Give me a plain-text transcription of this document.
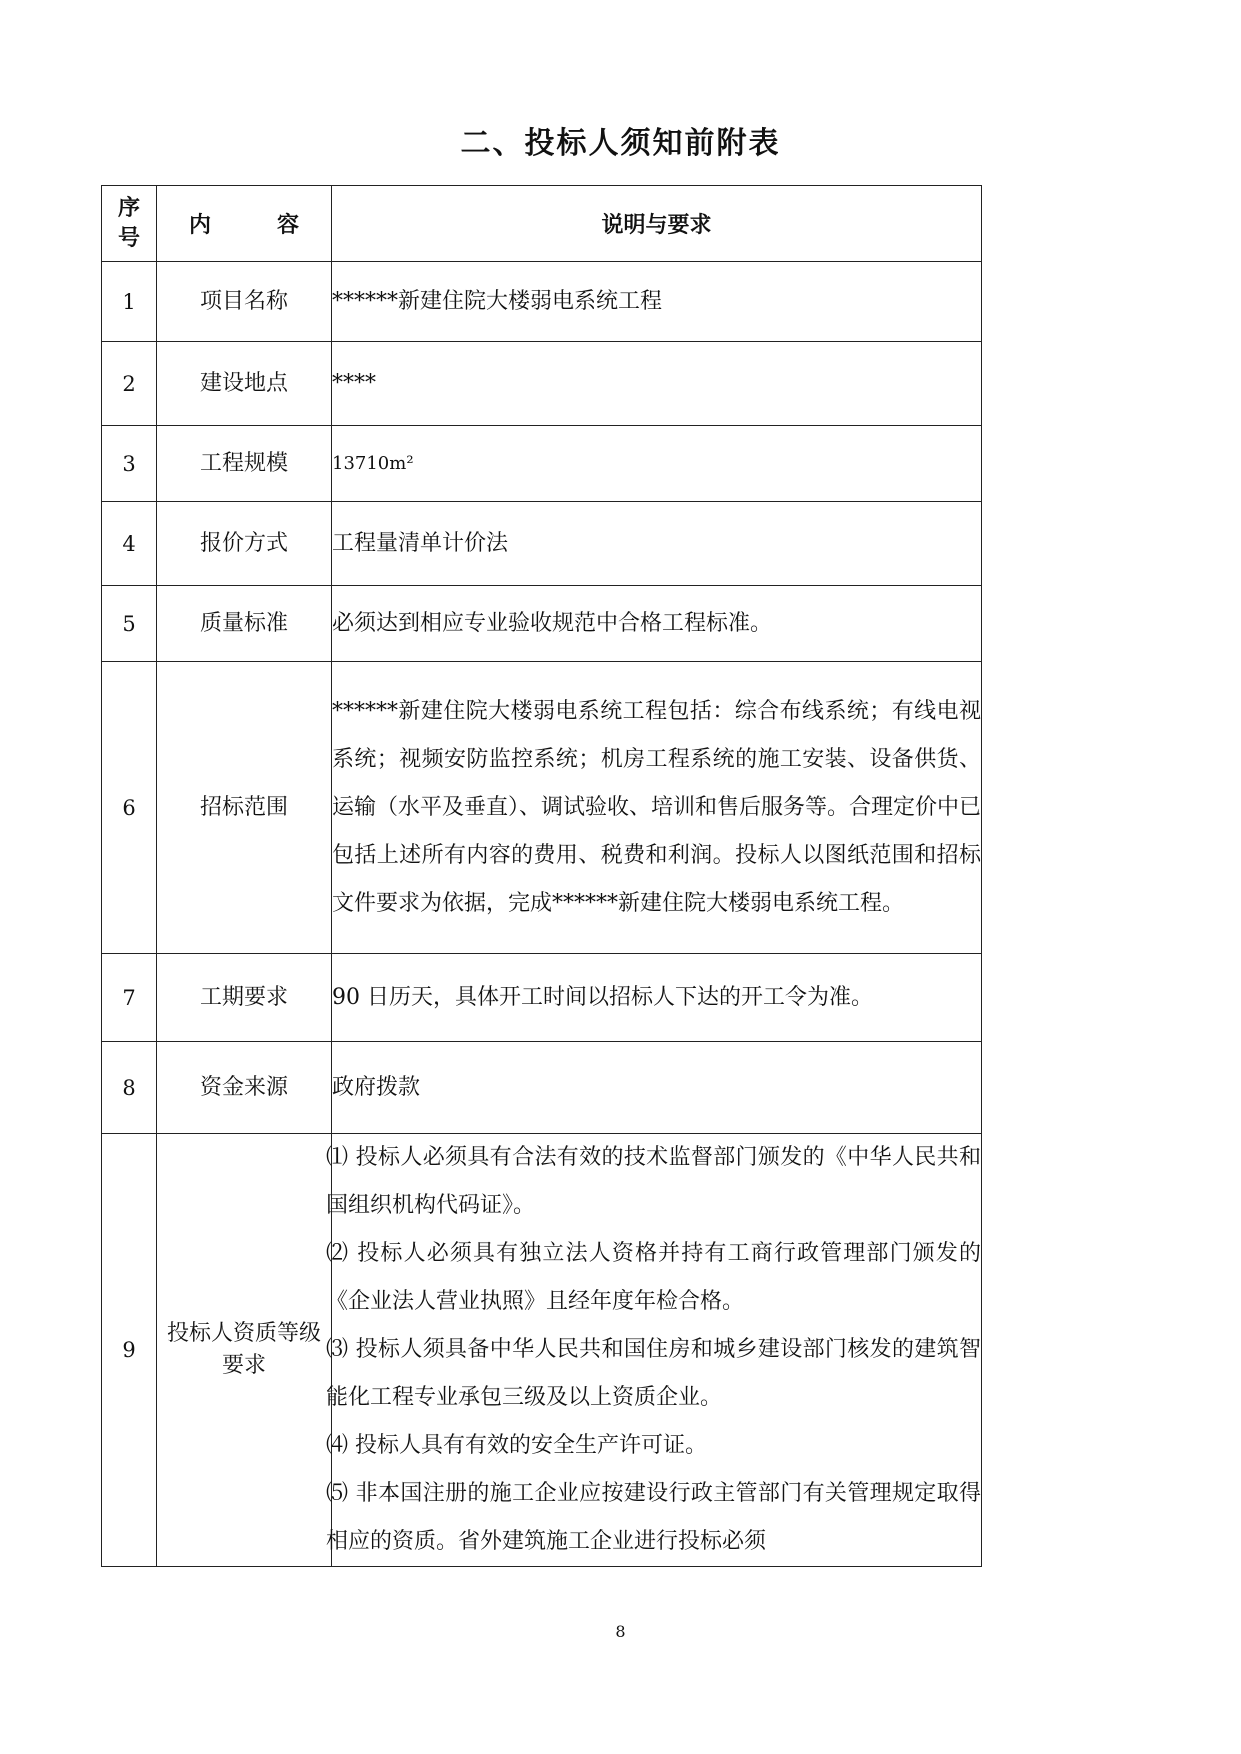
二、投标人须知前附表
序
号	内　容	说明与要求
1	项目名称	******新建住院大楼弱电系统工程
2	建设地点	****
3	工程规模	13710m²
4	报价方式	工程量清单计价法
5	质量标准	必须达到相应专业验收规范中合格工程标准。
6	招标范围	******新建住院大楼弱电系统工程包括：综合布线系统；有线电视系统；视频安防监控系统；机房工程系统的施工安装、设备供货、运输（水平及垂直）、调试验收、培训和售后服务等。合理定价中已包括上述所有内容的费用、税费和利润。投标人以图纸范围和招标文件要求为依据，完成******新建住院大楼弱电系统工程。
7	工期要求	90 日历天，具体开工时间以招标人下达的开工令为准。
8	资金来源	政府拨款
9	投标人资质等级要求	⑴ 投标人必须具有合法有效的技术监督部门颁发的《中华人民共和国组织机构代码证》。
⑵ 投标人必须具有独立法人资格并持有工商行政管理部门颁发的《企业法人营业执照》且经年度年检合格。
⑶ 投标人须具备中华人民共和国住房和城乡建设部门核发的建筑智能化工程专业承包三级及以上资质企业。
⑷ 投标人具有有效的安全生产许可证。
⑸ 非本国注册的施工企业应按建设行政主管部门有关管理规定取得相应的资质。省外建筑施工企业进行投标必须
8
